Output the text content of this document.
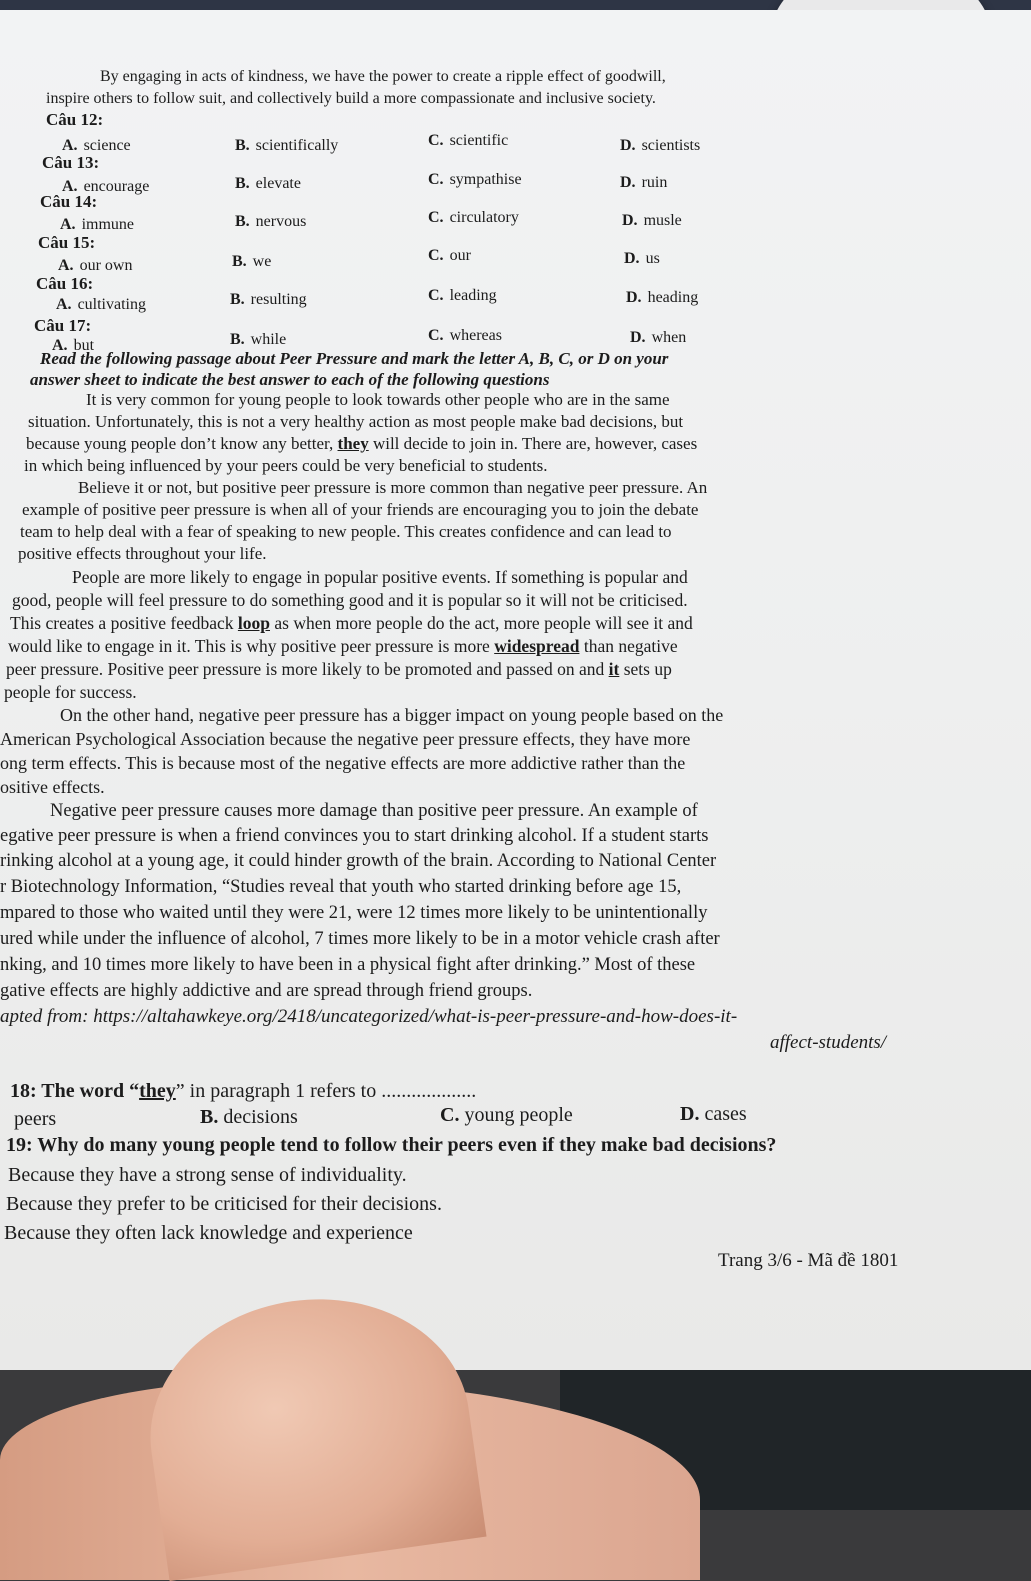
By engaging in acts of kindness, we have the power to create a ripple effect of goodwill,
inspire others to follow suit, and collectively build a more compassionate and inclusive society.
Câu 12:
A. science	B. scientifically	C. scientific	D. scientists
Câu 13:
A. encourage	B. elevate	C. sympathise	D. ruin
Câu 14:
A. immune	B. nervous	C. circulatory	D. musle
Câu 15:
A. our own	B. we	C. our	D. us
Câu 16:
A. cultivating	B. resulting	C. leading	D. heading
Câu 17:
A. but	B. while	C. whereas	D. when
Read the following passage about Peer Pressure and mark the letter A, B, C, or D on your
answer sheet to indicate the best answer to each of the following questions
It is very common for young people to look towards other people who are in the same
situation. Unfortunately, this is not a very healthy action as most people make bad decisions, but
because young people don’t know any better, they will decide to join in. There are, however, cases
in which being influenced by your peers could be very beneficial to students.
Believe it or not, but positive peer pressure is more common than negative peer pressure. An
example of positive peer pressure is when all of your friends are encouraging you to join the debate
team to help deal with a fear of speaking to new people. This creates confidence and can lead to
positive effects throughout your life.
People are more likely to engage in popular positive events. If something is popular and
good, people will feel pressure to do something good and it is popular so it will not be criticised.
This creates a positive feedback loop as when more people do the act, more people will see it and
would like to engage in it. This is why positive peer pressure is more widespread than negative
peer pressure. Positive peer pressure is more likely to be promoted and passed on and it sets up
people for success.
On the other hand, negative peer pressure has a bigger impact on young people based on the
American Psychological Association because the negative peer pressure effects, they have more
ong term effects. This is because most of the negative effects are more addictive rather than the
ositive effects.
Negative peer pressure causes more damage than positive peer pressure. An example of
egative peer pressure is when a friend convinces you to start drinking alcohol. If a student starts
rinking alcohol at a young age, it could hinder growth of the brain. According to National Center
r Biotechnology Information, “Studies reveal that youth who started drinking before age 15,
mpared to those who waited until they were 21, were 12 times more likely to be unintentionally
ured while under the influence of alcohol, 7 times more likely to be in a motor vehicle crash after
nking, and 10 times more likely to have been in a physical fight after drinking.” Most of these
gative effects are highly addictive and are spread through friend groups.
apted from: https://altahawkeye.org/2418/uncategorized/what-is-peer-pressure-and-how-does-it-
affect-students/
18: The word “they” in paragraph 1 refers to ...................
peers	B. decisions	C. young people	D. cases
19: Why do many young people tend to follow their peers even if they make bad decisions?
Because they have a strong sense of individuality.
Because they prefer to be criticised for their decisions.
Because they often lack knowledge and experience
Trang 3/6 - Mã đề 1801
